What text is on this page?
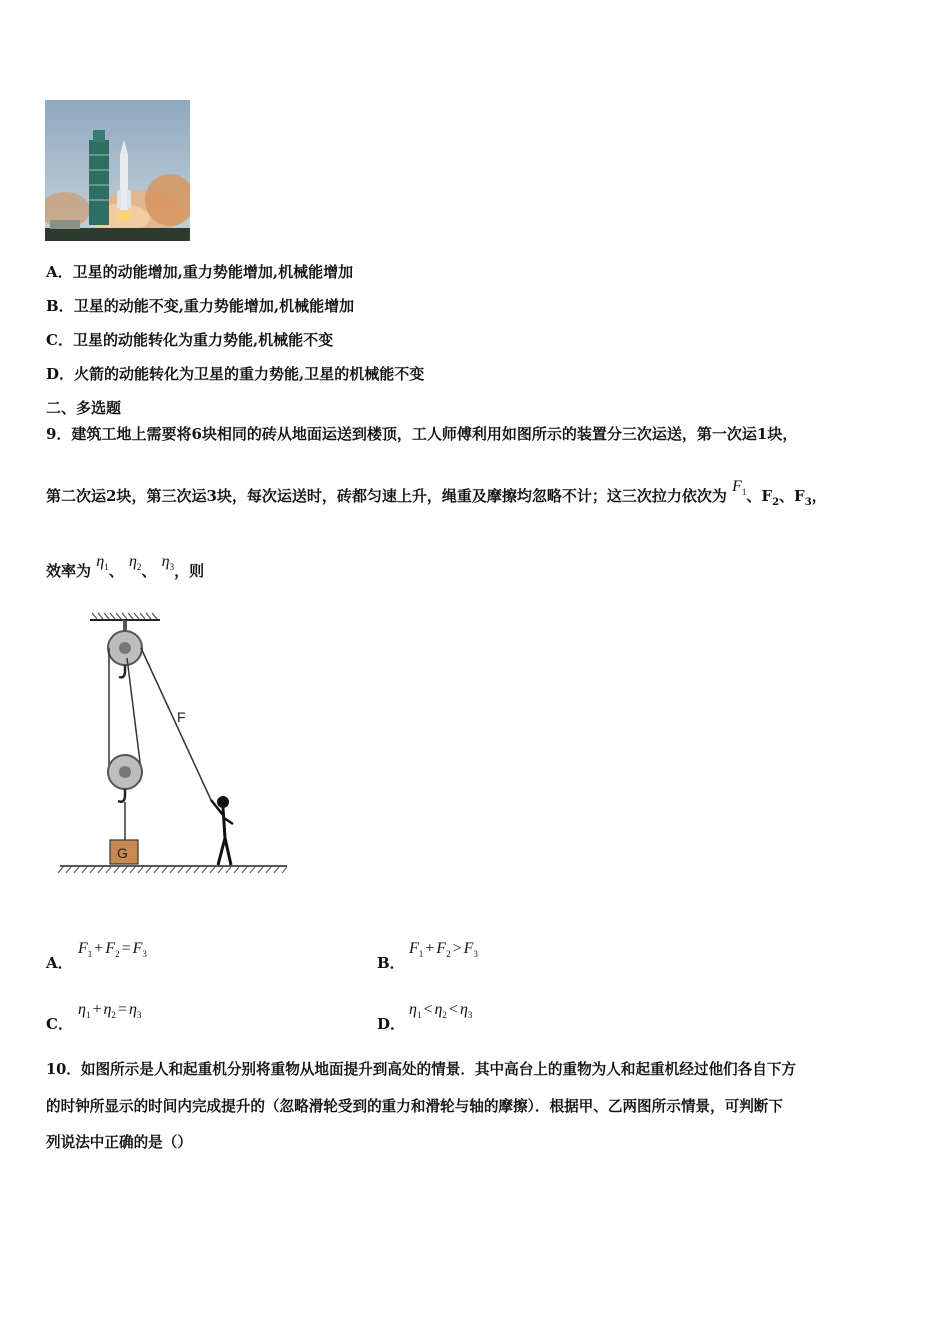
A．卫星的动能增加,重力势能增加,机械能增加
B．卫星的动能不变,重力势能增加,机械能增加
C．卫星的动能转化为重力势能,机械能不变
D．火箭的动能转化为卫星的重力势能,卫星的机械能不变
二、多选题
9．建筑工地上需要将6块相同的砖从地面运送到楼顶，工人师傅利用如图所示的装置分三次运送，第一次运1块，
第二次运2块，第三次运3块，每次运送时，砖都匀速上升，绳重及摩擦均忽略不计；这三次拉力依次为 $F_1$、$F_2$、$F_3$，
效率为 $\eta_1$、 $\eta_2$、 $\eta_3$，则
G
F
A．
$F_1 + F_2 = F_3$	B．
$F_1 + F_2 > F_3$
C．
$\eta_1 + \eta_2 = \eta_3$	D．
$\eta_1 < \eta_2 < \eta_3$
10．如图所示是人和起重机分别将重物从地面提升到高处的情景．其中高台上的重物为人和起重机经过他们各自下方
的时钟所显示的时间内完成提升的（忽略滑轮受到的重力和滑轮与轴的摩擦）．根据甲、乙两图所示情景，可判断下
列说法中正确的是（）
